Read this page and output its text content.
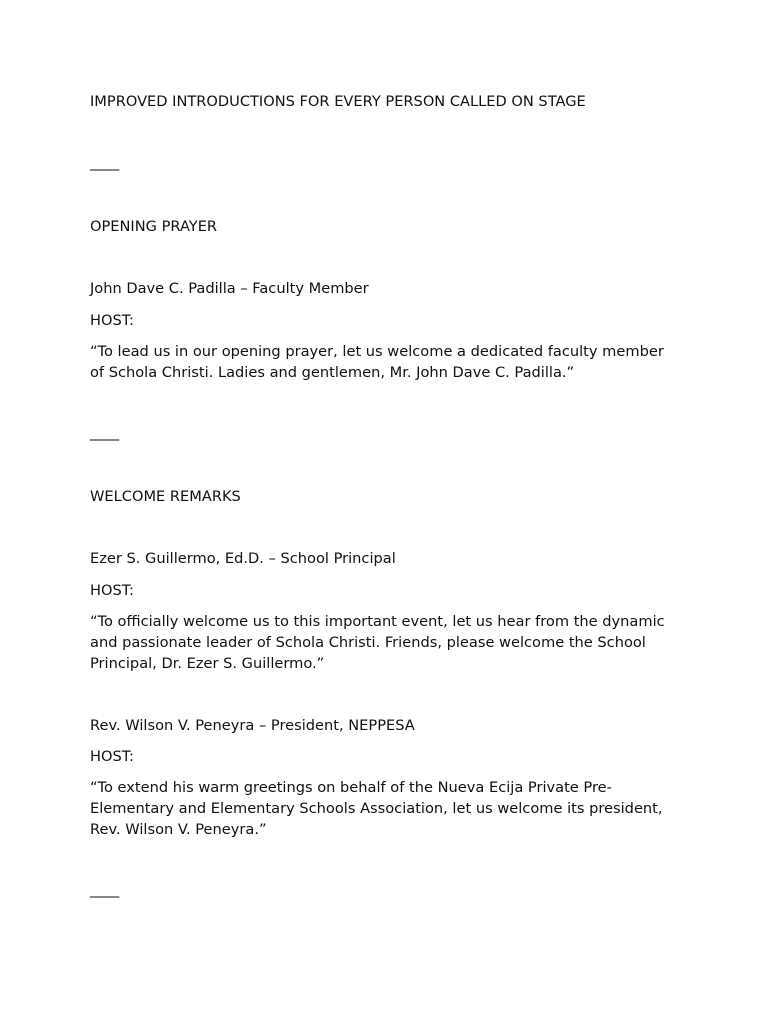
IMPROVED INTRODUCTIONS FOR EVERY PERSON CALLED ON STAGE
____
OPENING PRAYER
John Dave C. Padilla – Faculty Member
HOST:
“To lead us in our opening prayer, let us welcome a dedicated faculty member of Schola Christi. Ladies and gentlemen, Mr. John Dave C. Padilla.”
____
WELCOME REMARKS
Ezer S. Guillermo, Ed.D. – School Principal
HOST:
“To officially welcome us to this important event, let us hear from the dynamic and passionate leader of Schola Christi. Friends, please welcome the School Principal, Dr. Ezer S. Guillermo.”
Rev. Wilson V. Peneyra – President, NEPPESA
HOST:
“To extend his warm greetings on behalf of the Nueva Ecija Private Pre-Elementary and Elementary Schools Association, let us welcome its president, Rev. Wilson V. Peneyra.”
____
